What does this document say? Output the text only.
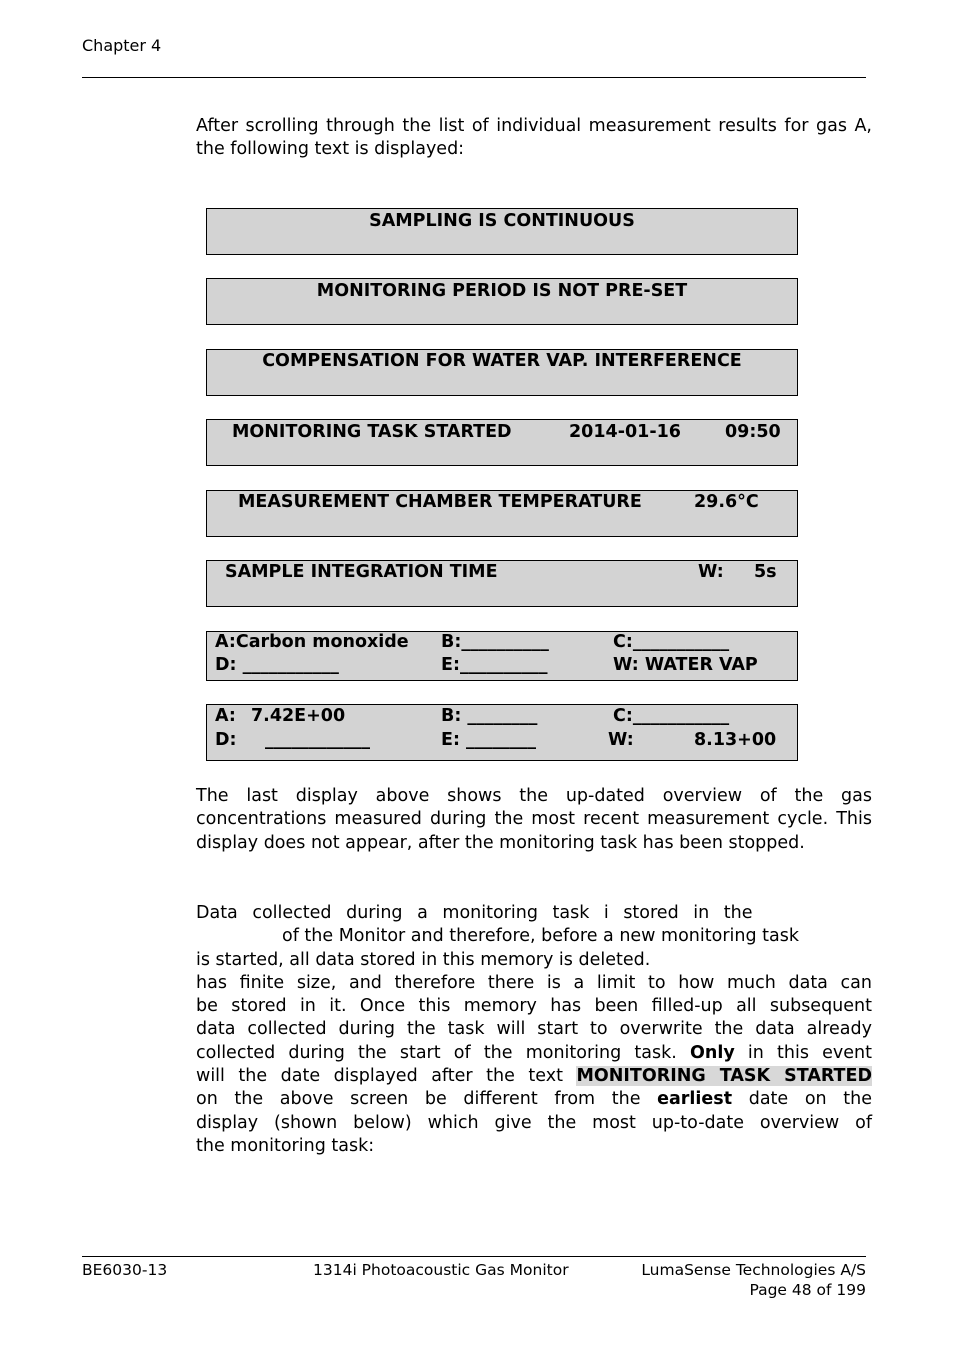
Chapter 4
After scrolling through the list of individual measurement results for gas A, the following text is displayed:
SAMPLING IS CONTINUOUS
MONITORING PERIOD IS NOT PRE-SET
COMPENSATION FOR WATER VAP. INTERFERENCE
MONITORING TASK STARTED	2014-01-16	09:50
MEASUREMENT CHAMBER TEMPERATURE	29.6°C
SAMPLE INTEGRATION TIME	W: 5s
A:Carbon monoxide B:__________	C:___________
D: ___________	E:__________	W: WATER VAP
A: 7.42E+00	B: ________	C:___________
D: ____________	E: ________	W:	8.13+00
The last display above shows the up-dated overview of the gas concentrations measured during the most recent measurement cycle. This display does not appear, after the monitoring task has been stopped.
Data collected during a monitoring task i stored in the
of the Monitor and therefore, before a new monitoring task
is started, all data stored in this memory is deleted.
has finite size, and therefore there is a limit to how much data can
be stored in it. Once this memory has been filled-up all subsequent
data collected during the task will start to overwrite the data already
collected during the start of the monitoring task. Only in this event
will the date displayed after the text MONITORING TASK STARTED
on the above screen be different from the earliest date on the
display (shown below) which give the most up-to-date overview of
the monitoring task:
BE6030-13	1314i Photoacoustic Gas Monitor	LumaSense Technologies A/S
Page 48 of 199
